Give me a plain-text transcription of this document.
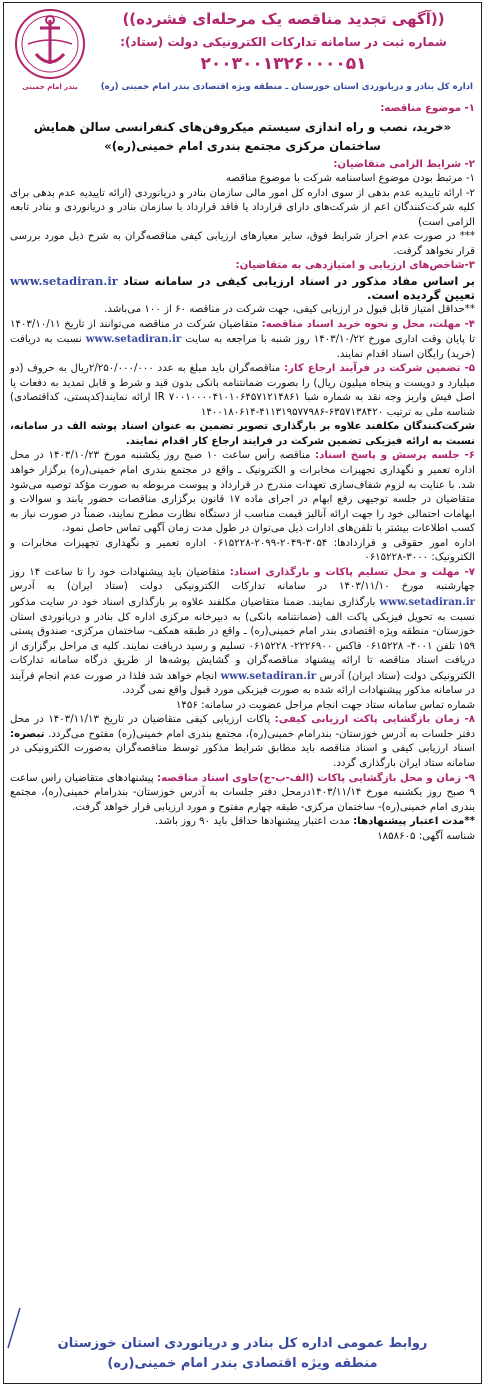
بندر امام خمینی
((آگهی تجدید مناقصه یک مرحله‌ای فشرده))
شماره ثبت در سامانه تدارکات الکترونیکی دولت (ستاد):
۲۰۰۳۰۰۱۳۲۶۰۰۰۰۵۱
اداره کل بنادر و دریانوردی استان خوزستان ـ منطقه ویژه اقتصادی بندر امام خمینی (ره)

۱- موضوع مناقصه:

«خرید، نصب و راه اندازی سیستم میکروفن‌های کنفرانسی سالن همایش ساختمان مرکزی مجتمع بندری امام خمینی(ره)»

۲- شرایط الزامی متقاضیان:

۱- مرتبط بودن موضوع اساسنامه شرکت با موضوع مناقصه

۲- ارائه تاییدیه عدم بدهی از سوی اداره کل امور مالی سازمان بنادر و دریانوردی (ارائه تاییدیه عدم بدهی برای کلیه شرکت‌کنندگان اعم از شرکت‌های دارای قرارداد یا فاقد قرارداد با سازمان بنادر و دریانوردی و بنادر تابعه الزامی است)

*** در صورت عدم احراز شرایط فوق، سایر معیارهای ارزیابی کیفی مناقصه‌گران به شرح ذیل مورد بررسی قرار نخواهد گرفت.

۳-شاخص‌های ارزیابی و امتیازدهی به متقاضیان:

بر اساس مفاد مذکور در اسناد ارزیابی کیفی در سامانه ستاد www.setadiran.ir تعیین گردیده است.

**حداقل امتیاز قابل قبول در ارزیابی کیفی، جهت شرکت در مناقصه ۶۰ از ۱۰۰ می‌باشد.

۴- مهلت، محل و نحوه خرید اسناد مناقصه: متقاضیان شرکت در مناقصه می‌توانند از تاریخ ۱۴۰۳/۱۰/۱۱ تا پایان وقت اداری مورخ ۱۴۰۳/۱۰/۲۲ روز شنبه با مراجعه به سایت www.setadiran.ir نسبت به دریافت (خرید) رایگان اسناد اقدام نمایند.

۵- تضمین شرکت در فرآیند ارجاع کار: مناقصه‌گران باید مبلغ به عدد ۲/۲۵۰/۰۰۰/۰۰۰ریال به حروف (دو میلیارد و دویست و پنجاه میلیون ریال) را بصورت ضمانتنامه بانکی بدون قید و شرط و قابل تمدید به دفعات یا اصل فیش واریز وجه نقد به شماره شبا IR ۷۰۰۱۰۰۰۰۴۱۰۱۰۶۴۵۷۱۲۱۴۸۶۱ ارائه نمایند(کدپستی، کداقتصادی) شناسه ملی به ترتیب ۶۳۵۷۱۳۸۴۲۰-۴۱۱۳۱۹۵۷۷۹۸۶-۱۴۰۰۱۸۰۶۱۴

شرکت‌کنندگان مکلفند علاوه بر بارگذاری تصویر تضمین به عنوان اسناد پوشه الف در سامانه، نسبت به ارائه فیزیکی تضمین شرکت در فرایند ارجاع کار اقدام نمایند.

۶- جلسه پرسش و پاسخ اسناد: مناقصه رأس ساعت ۱۰ صبح روز یکشنبه مورخ ۱۴۰۳/۱۰/۲۳ در محل اداره تعمیر و نگهداری تجهیزات مخابرات و الکترونیک ـ واقع در مجتمع بندری امام خمینی(ره) برگزار خواهد شد. با عنایت به لزوم شفاف‌سازی تعهدات مندرج در قرارداد و پیوست مربوطه به صورت مؤکد توصیه می‌شود متقاضیان در جلسه توجیهی رفع ابهام در اجرای ماده ۱۷ قانون برگزاری مناقصات حضور یابند و سوالات و ابهامات احتمالی خود را جهت ارائه آنالیز قیمت مناسب از دستگاه نظارت مطرح نمایند، ضمناً در صورت نیاز به کسب اطلاعات بیشتر با تلفن‌های ادارات ذیل می‌توان در طول مدت زمان آگهی تماس حاصل نمود.

اداره امور حقوقی و قراردادها: ۳۰۵۴-۲۰۴۹-۲۰۹۹-۰۶۱۵۲۲۸ اداره تعمیر و نگهداری تجهیزات مخابرات و الکترونیک: ۳۰۰۰-۰۶۱۵۲۲۸

۷- مهلت و محل تسلیم پاکات و بارگذاری اسناد: متقاضیان باید پیشنهادات خود را تا ساعت ۱۴ روز چهارشنبه مورخ ۱۴۰۳/۱۱/۱۰ در سامانه تدارکات الکترونیکی دولت (ستاد ایران) به آدرس www.setadiran.ir بارگذاری نمایند. ضمنا متقاضیان مکلفند علاوه بر بارگذاری اسناد خود در سایت مذکور نسبت به تحویل فیزیکی پاکت الف (ضمانتنامه بانکی) به دبیرخانه مرکزی اداره کل بنادر و دریانوردی استان خوزستان- منطقه ویژه اقتصادی بندر امام خمینی(ره) ـ واقع در طبقه همکف- ساختمان مرکزی- صندوق پستی ۱۵۹ تلفن ۴۰۰۱- ۰۶۱۵۲۲۸ فاکس ۲۲۲۶۹۰۰- ۰۶۱۵۲۲۸ تسلیم و رسید دریافت نمایند. کلیه ی مراحل برگزاری از دریافت اسناد مناقصه تا ارائه پیشنهاد مناقصه‌گران و گشایش پوشه‌ها از طریق درگاه سامانه تدارکات الکترونیکی دولت (ستاد ایران) آدرس www.setadiran.ir انجام خواهد شد فلذا در صورت عدم انجام فرآیند در سامانه مذکور پیشنهادات ارائه شده به صورت فیزیکی مورد قبول واقع نمی گردد.

شماره تماس سامانه ستاد جهت انجام مراحل عضویت در سامانه: ۱۴۵۶

۸- زمان بازگشایی پاکت ارزیابی کیفی: پاکات ارزیابی کیفی متقاضیان در تاریخ ۱۴۰۳/۱۱/۱۳ در محل دفتر جلسات به آدرس خوزستان- بندرامام خمینی(ره)، مجتمع بندری امام خمینی(ره) مفتوح می‌گردد. تبصره: اسناد ارزیابی کیفی و اسناد مناقصه باید مطابق شرایط مذکور توسط مناقصه‌گران به‌صورت الکترونیکی در سامانه ستاد ایران بارگذاری گردد.

۹- زمان و محل بازگشایی پاکات (الف-ب-ج)حاوی اسناد مناقصه: پیشنهادهای متقاضیان راس ساعت ۹ صبح روز یکشنبه مورخ ۱۴۰۳/۱۱/۱۴درمحل دفتر جلسات به آدرس خوزستان- بندرامام خمینی(ره)، مجتمع بندری امام خمینی(ره)- ساختمان مرکزی- طبقه چهارم مفتوح و مورد ارزیابی قرار خواهد گرفت.

**مدت اعتبار پیشنهادها: مدت اعتبار پیشنهادها حداقل باید ۹۰ روز باشد.

شناسه آگهی: ۱۸۵۸۶۰۵

روابط عمومی اداره کل بنادر و دریانوردی استان خوزستان
منطقه ویژه اقتصادی بندر امام خمینی(ره)
